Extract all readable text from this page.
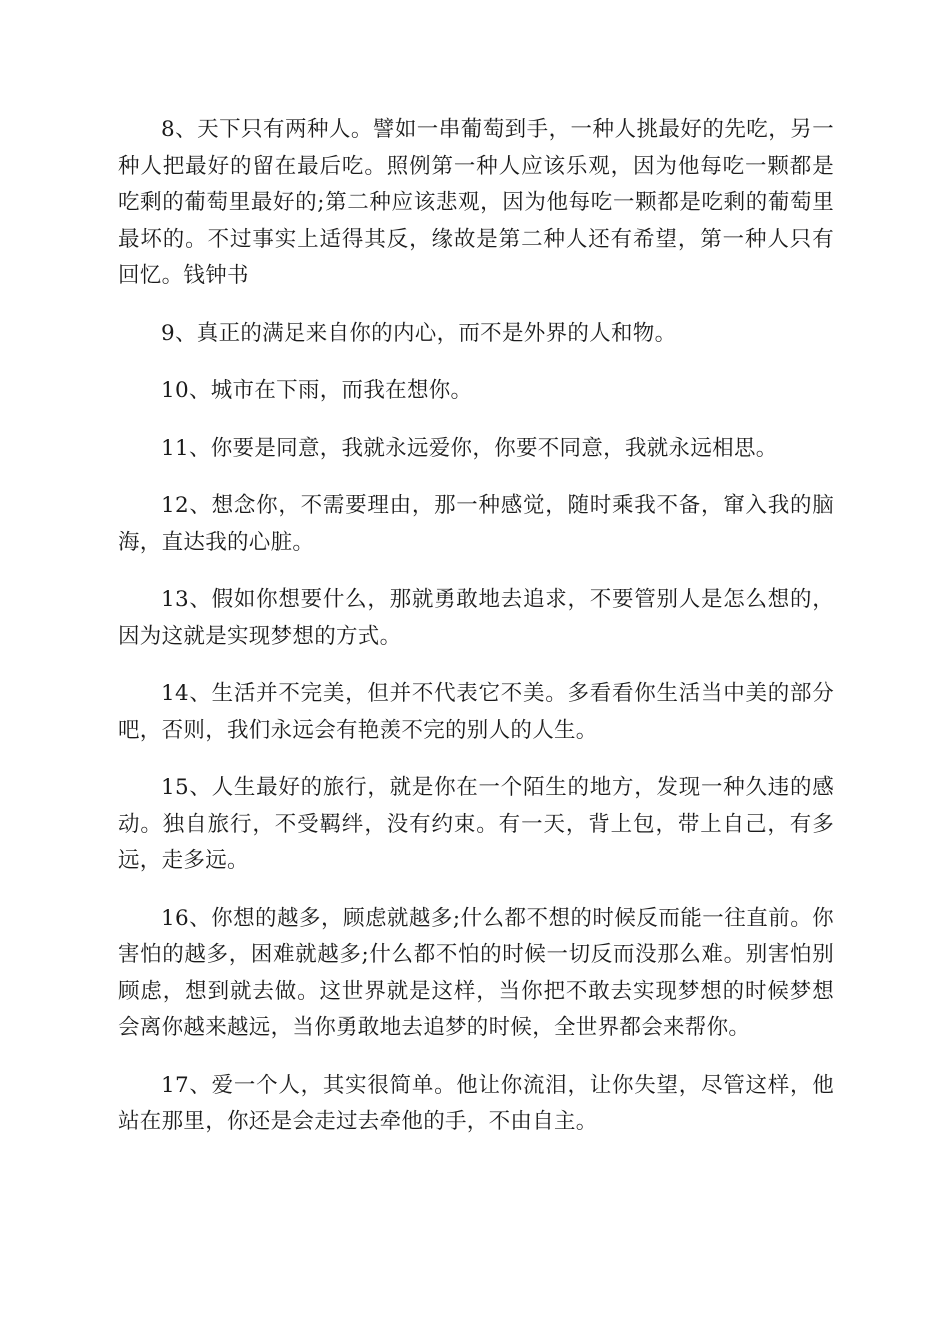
8、天下只有两种人。譬如一串葡萄到手，一种人挑最好的先吃，另一种人把最好的留在最后吃。照例第一种人应该乐观，因为他每吃一颗都是吃剩的葡萄里最好的;第二种应该悲观，因为他每吃一颗都是吃剩的葡萄里最坏的。不过事实上适得其反，缘故是第二种人还有希望，第一种人只有回忆。钱钟书

9、真正的满足来自你的内心，而不是外界的人和物。

10、城市在下雨，而我在想你。

11、你要是同意，我就永远爱你，你要不同意，我就永远相思。

12、想念你，不需要理由，那一种感觉，随时乘我不备，窜入我的脑海，直达我的心脏。

13、假如你想要什么，那就勇敢地去追求，不要管别人是怎么想的，因为这就是实现梦想的方式。

14、生活并不完美，但并不代表它不美。多看看你生活当中美的部分吧，否则，我们永远会有艳羡不完的别人的人生。

15、人生最好的旅行，就是你在一个陌生的地方，发现一种久违的感动。独自旅行，不受羁绊，没有约束。有一天，背上包，带上自己，有多远，走多远。

16、你想的越多，顾虑就越多;什么都不想的时候反而能一往直前。你害怕的越多，困难就越多;什么都不怕的时候一切反而没那么难。别害怕别顾虑，想到就去做。这世界就是这样，当你把不敢去实现梦想的时候梦想会离你越来越远，当你勇敢地去追梦的时候，全世界都会来帮你。

17、爱一个人，其实很简单。他让你流泪，让你失望，尽管这样，他站在那里，你还是会走过去牵他的手，不由自主。
